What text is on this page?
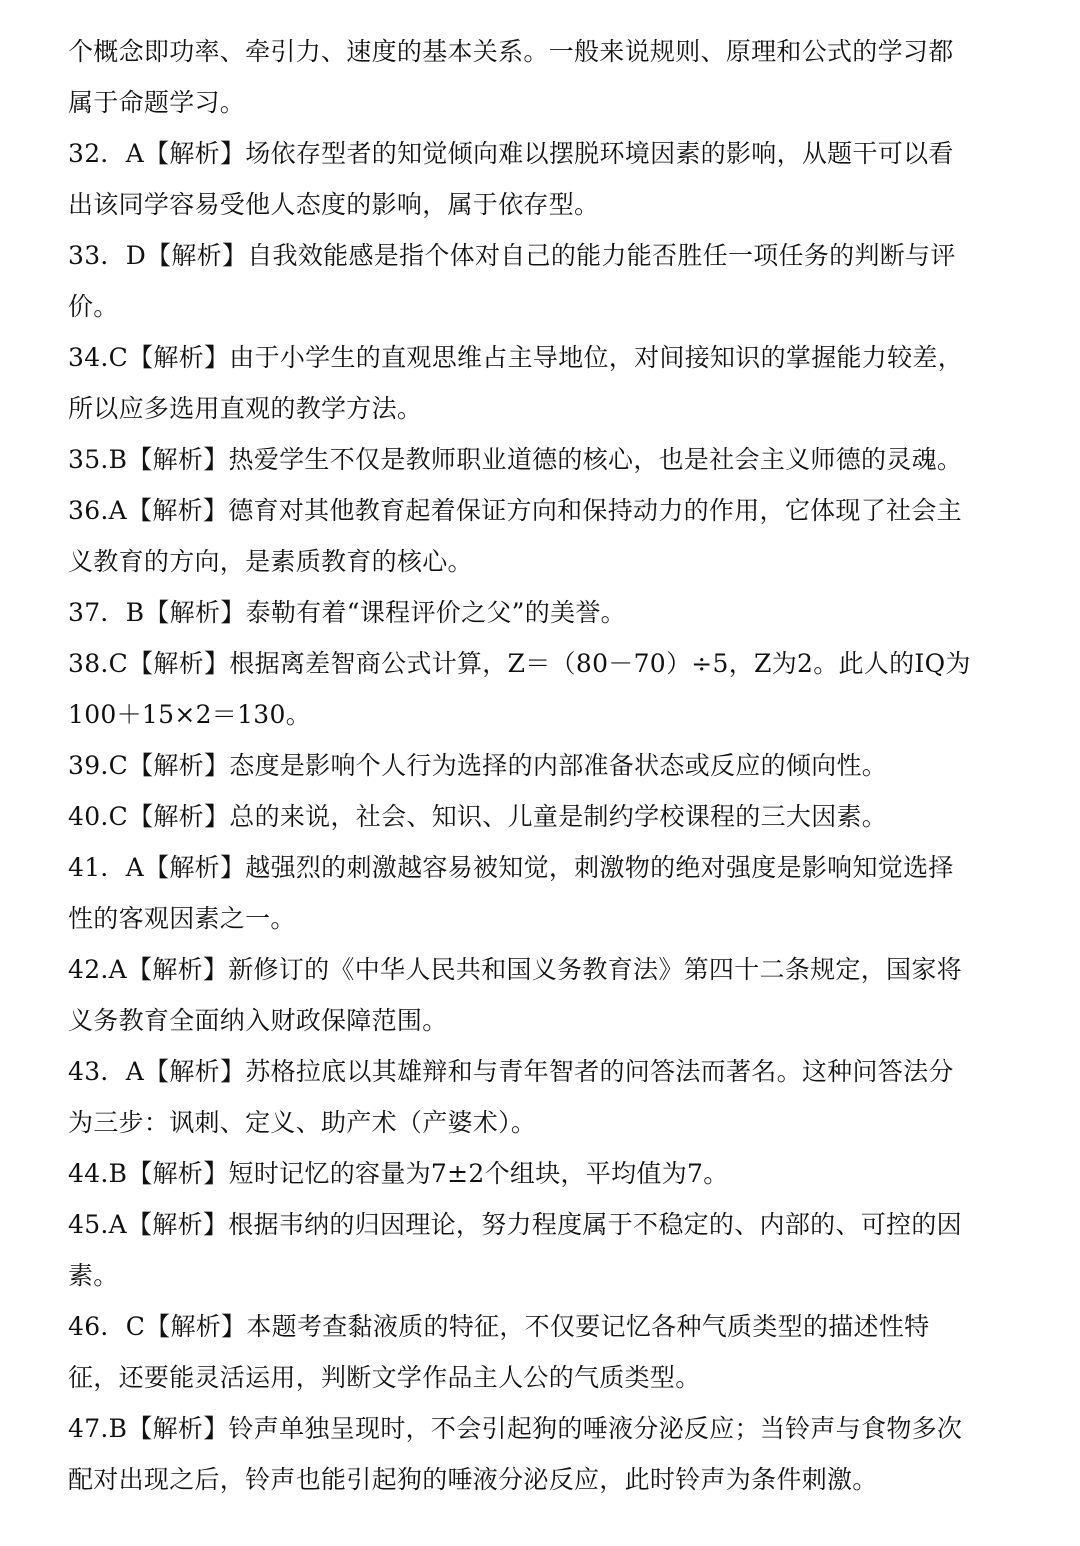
个概念即功率、牵引力、速度的基本关系。一般来说规则、原理和公式的学习都属于命题学习。

32．A【解析】场依存型者的知觉倾向难以摆脱环境因素的影响，从题干可以看出该同学容易受他人态度的影响，属于依存型。

33．D【解析】自我效能感是指个体对自己的能力能否胜任一项任务的判断与评价。

34.C【解析】由于小学生的直观思维占主导地位，对间接知识的掌握能力较差，所以应多选用直观的教学方法。

35.B【解析】热爱学生不仅是教师职业道德的核心，也是社会主义师德的灵魂。

36.A【解析】德育对其他教育起着保证方向和保持动力的作用，它体现了社会主义教育的方向，是素质教育的核心。

37．B【解析】泰勒有着“课程评价之父”的美誉。

38.C【解析】根据离差智商公式计算，Z＝（80－70）÷5，Z为2。此人的IQ为100＋15×2＝130。

39.C【解析】态度是影响个人行为选择的内部准备状态或反应的倾向性。

40.C【解析】总的来说，社会、知识、儿童是制约学校课程的三大因素。

41．A【解析】越强烈的刺激越容易被知觉，刺激物的绝对强度是影响知觉选择性的客观因素之一。

42.A【解析】新修订的《中华人民共和国义务教育法》第四十二条规定，国家将义务教育全面纳入财政保障范围。

43．A【解析】苏格拉底以其雄辩和与青年智者的问答法而著名。这种问答法分为三步：讽刺、定义、助产术（产婆术）。

44.B【解析】短时记忆的容量为7±2个组块，平均值为7。

45.A【解析】根据韦纳的归因理论，努力程度属于不稳定的、内部的、可控的因素。

46．C【解析】本题考查黏液质的特征，不仅要记忆各种气质类型的描述性特征，还要能灵活运用，判断文学作品主人公的气质类型。

47.B【解析】铃声单独呈现时，不会引起狗的唾液分泌反应；当铃声与食物多次配对出现之后，铃声也能引起狗的唾液分泌反应，此时铃声为条件刺激。
